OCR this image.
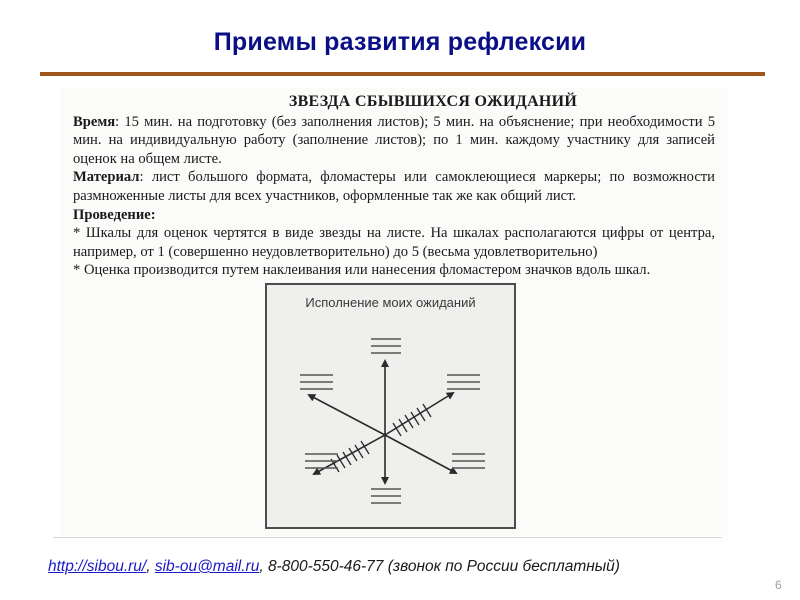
Приемы развития рефлексии
ЗВЕЗДА СБЫВШИХСЯ ОЖИДАНИЙ
Время: 15 мин. на подготовку (без заполнения листов); 5 мин. на объяснение; при необходимости 5 мин. на индивидуальную работу (заполнение листов); по 1 мин. каждому участнику для записей оценок на общем листе.
Материал: лист большого формата, фломастеры или самоклеющиеся маркеры; по возможности размноженные листы для всех участников, оформленные так же как общий лист.
Проведение:
* Шкалы для оценок чертятся в виде звезды на листе. На шкалах располагаются цифры от центра, например, от 1 (совершенно неудовлетворительно) до 5 (весьма удовлетворительно)
* Оценка производится путем наклеивания или нанесения фломастером значков вдоль шкал.
Исполнение моих ожиданий
http://sibou.ru/, sib-ou@mail.ru, 8-800-550-46-77 (звонок по России бесплатный)
6
